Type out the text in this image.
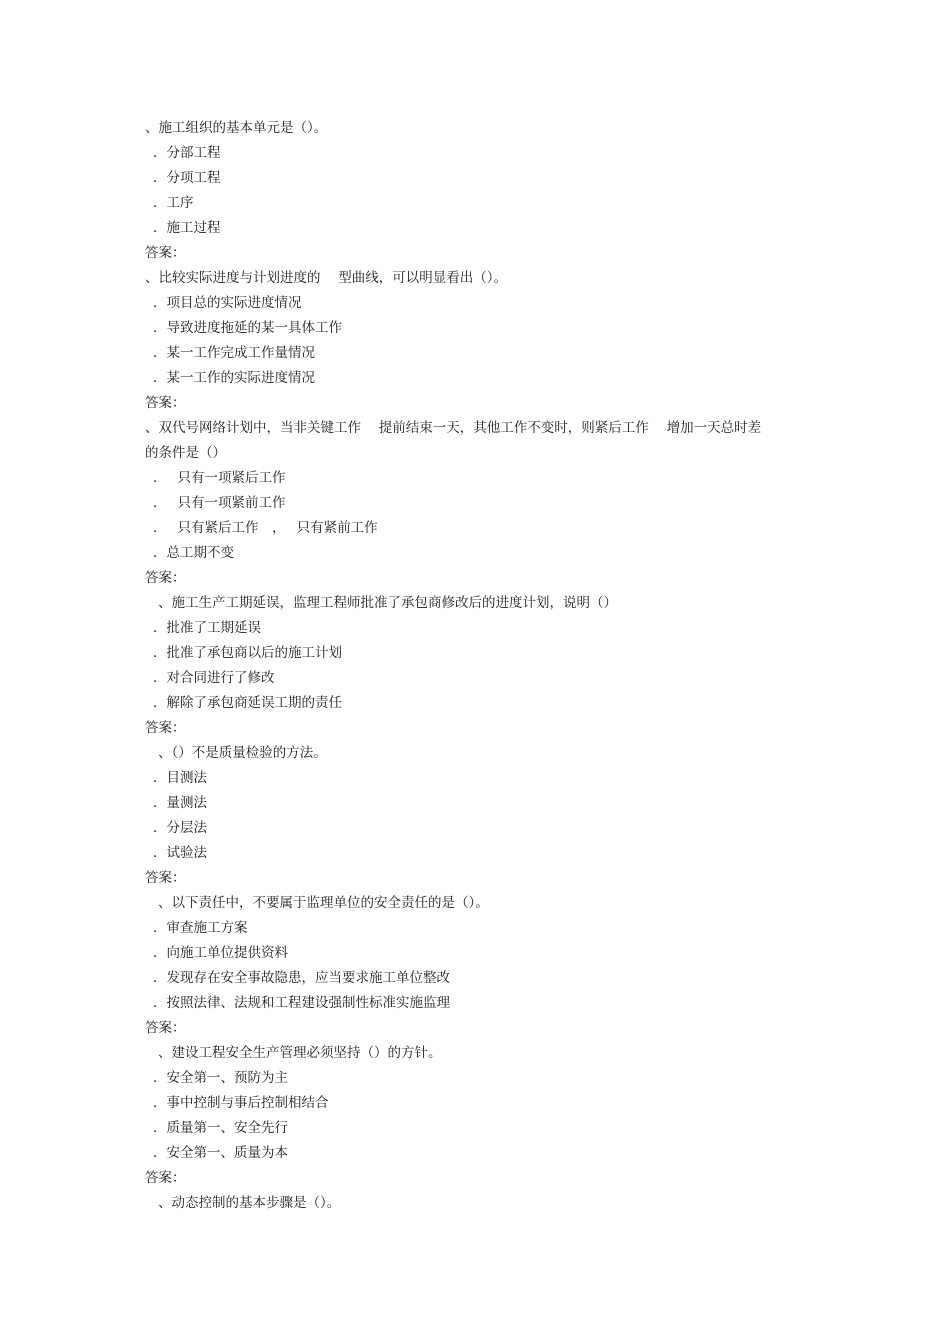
、施工组织的基本单元是（）。
．分部工程
．分项工程
．工序
．施工过程
答案：
、比较实际进度与计划进度的　 型曲线，可以明显看出（）。
．项目总的实际进度情况
．导致进度拖延的某一具体工作
．某一工作完成工作量情况
．某一工作的实际进度情况
答案：
、双代号网络计划中，当非关键工作　 提前结束一天，其他工作不变时，则紧后工作　 增加一天总时差
的条件是（）
．　 只有一项紧后工作
．　 只有一项紧前工作
．　 只有紧后工作　，　 只有紧前工作
．总工期不变
答案：
、施工生产工期延误，监理工程师批准了承包商修改后的进度计划，说明（）
．批准了工期延误
．批准了承包商以后的施工计划
．对合同进行了修改
．解除了承包商延误工期的责任
答案：
、（）不是质量检验的方法。
．目测法
．量测法
．分层法
．试验法
答案：
、以下责任中，不要属于监理单位的安全责任的是（）。
．审查施工方案
．向施工单位提供资料
．发现存在安全事故隐患，应当要求施工单位整改
．按照法律、法规和工程建设强制性标准实施监理
答案：
、建设工程安全生产管理必须坚持（）的方针。
．安全第一、预防为主
．事中控制与事后控制相结合
．质量第一、安全先行
．安全第一、质量为本
答案：
、动态控制的基本步骤是（）。
